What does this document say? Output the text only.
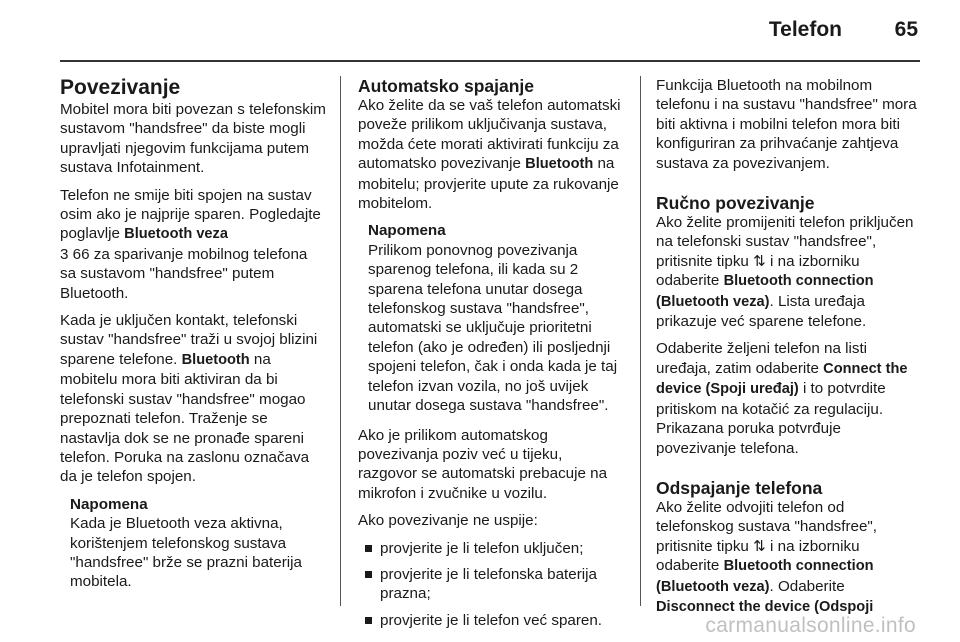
Telefon	65
Povezivanje

Mobitel mora biti povezan s telefonskim sustavom "handsfree" da biste mogli upravljati njegovim funkcijama putem sustava Infotainment.

Telefon ne smije biti spojen na sustav osim ako je najprije sparen. Pogledajte poglavlje Bluetooth veza
3 66 za sparivanje mobilnog telefona sa sustavom "handsfree" putem Bluetooth.

Kada je uključen kontakt, telefonski sustav "handsfree" traži u svojoj blizini sparene telefone. Bluetooth na mobitelu mora biti aktiviran da bi telefonski sustav "handsfree" mogao prepoznati telefon. Traženje se nastavlja dok se ne pronađe spareni telefon. Poruka na zaslonu označava da je telefon spojen.

Napomena
Kada je Bluetooth veza aktivna, korištenjem telefonskog sustava "handsfree" brže se prazni baterija mobitela.
Automatsko spajanje

Ako želite da se vaš telefon automatski poveže prilikom uključivanja sustava, možda ćete morati aktivirati funkciju za automatsko povezivanje Bluetooth na mobitelu; provjerite upute za rukovanje mobitelom.

Napomena
Prilikom ponovnog povezivanja sparenog telefona, ili kada su 2 sparena telefona unutar dosega telefonskog sustava "handsfree", automatski se uključuje prioritetni telefon (ako je određen) ili posljednji spojeni telefon, čak i onda kada je taj telefon izvan vozila, no još uvijek unutar dosega sustava "handsfree".

Ako je prilikom automatskog povezivanja poziv već u tijeku, razgovor se automatski prebacuje na mikrofon i zvučnike u vozilu.

Ako povezivanje ne uspije:

provjerite je li telefon uključen;
provjerite je li telefonska baterija prazna;
provjerite je li telefon već sparen.

Funkcija Bluetooth na mobilnom telefonu i na sustavu "handsfree" mora biti aktivna i mobilni telefon mora biti konfiguriran za prihvaćanje zahtjeva sustava za povezivanjem.

Ručno povezivanje

Ako želite promijeniti telefon priključen na telefonski sustav "handsfree", pritisnite tipku ⇅ i na izborniku odaberite Bluetooth connection (Bluetooth veza). Lista uređaja prikazuje već sparene telefone.

Odaberite željeni telefon na listi uređaja, zatim odaberite Connect the device (Spoji uređaj) i to potvrdite pritiskom na kotačić za regulaciju. Prikazana poruka potvrđuje povezivanje telefona.

Odspajanje telefona

Ako želite odvojiti telefon od telefonskog sustava "handsfree", pritisnite tipku ⇅ i na izborniku odaberite Bluetooth connection (Bluetooth veza). Odaberite Disconnect the device (Odspoji

carmanualsonline.info
